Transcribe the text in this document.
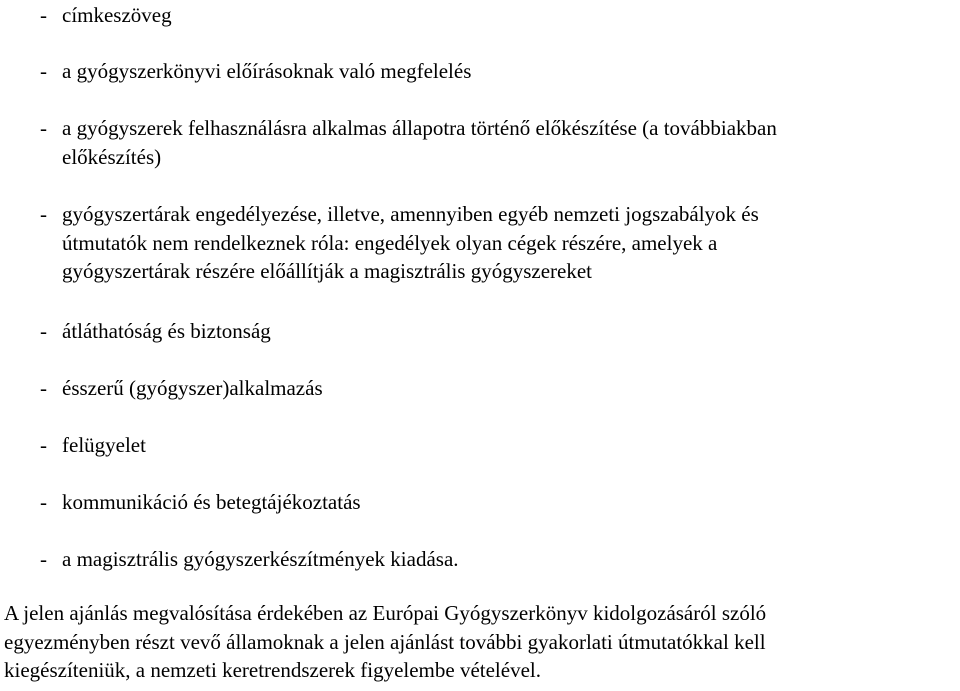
- címkeszöveg

- a gyógyszerkönyvi előírásoknak való megfelelés

- a gyógyszerek felhasználásra alkalmas állapotra történő előkészítése (a továbbiakban
előkészítés)

- gyógyszertárak engedélyezése, illetve, amennyiben egyéb nemzeti jogszabályok és
útmutatók nem rendelkeznek róla: engedélyek olyan cégek részére, amelyek a
gyógyszertárak részére előállítják a magisztrális gyógyszereket

- átláthatóság és biztonság

- ésszerű (gyógyszer)alkalmazás

- felügyelet

- kommunikáció és betegtájékoztatás

- a magisztrális gyógyszerkészítmények kiadása.

A jelen ajánlás megvalósítása érdekében az Európai Gyógyszerkönyv kidolgozásáról szóló
egyezményben részt vevő államoknak a jelen ajánlást további gyakorlati útmutatókkal kell
kiegészíteniük, a nemzeti keretrendszerek figyelembe vételével.
